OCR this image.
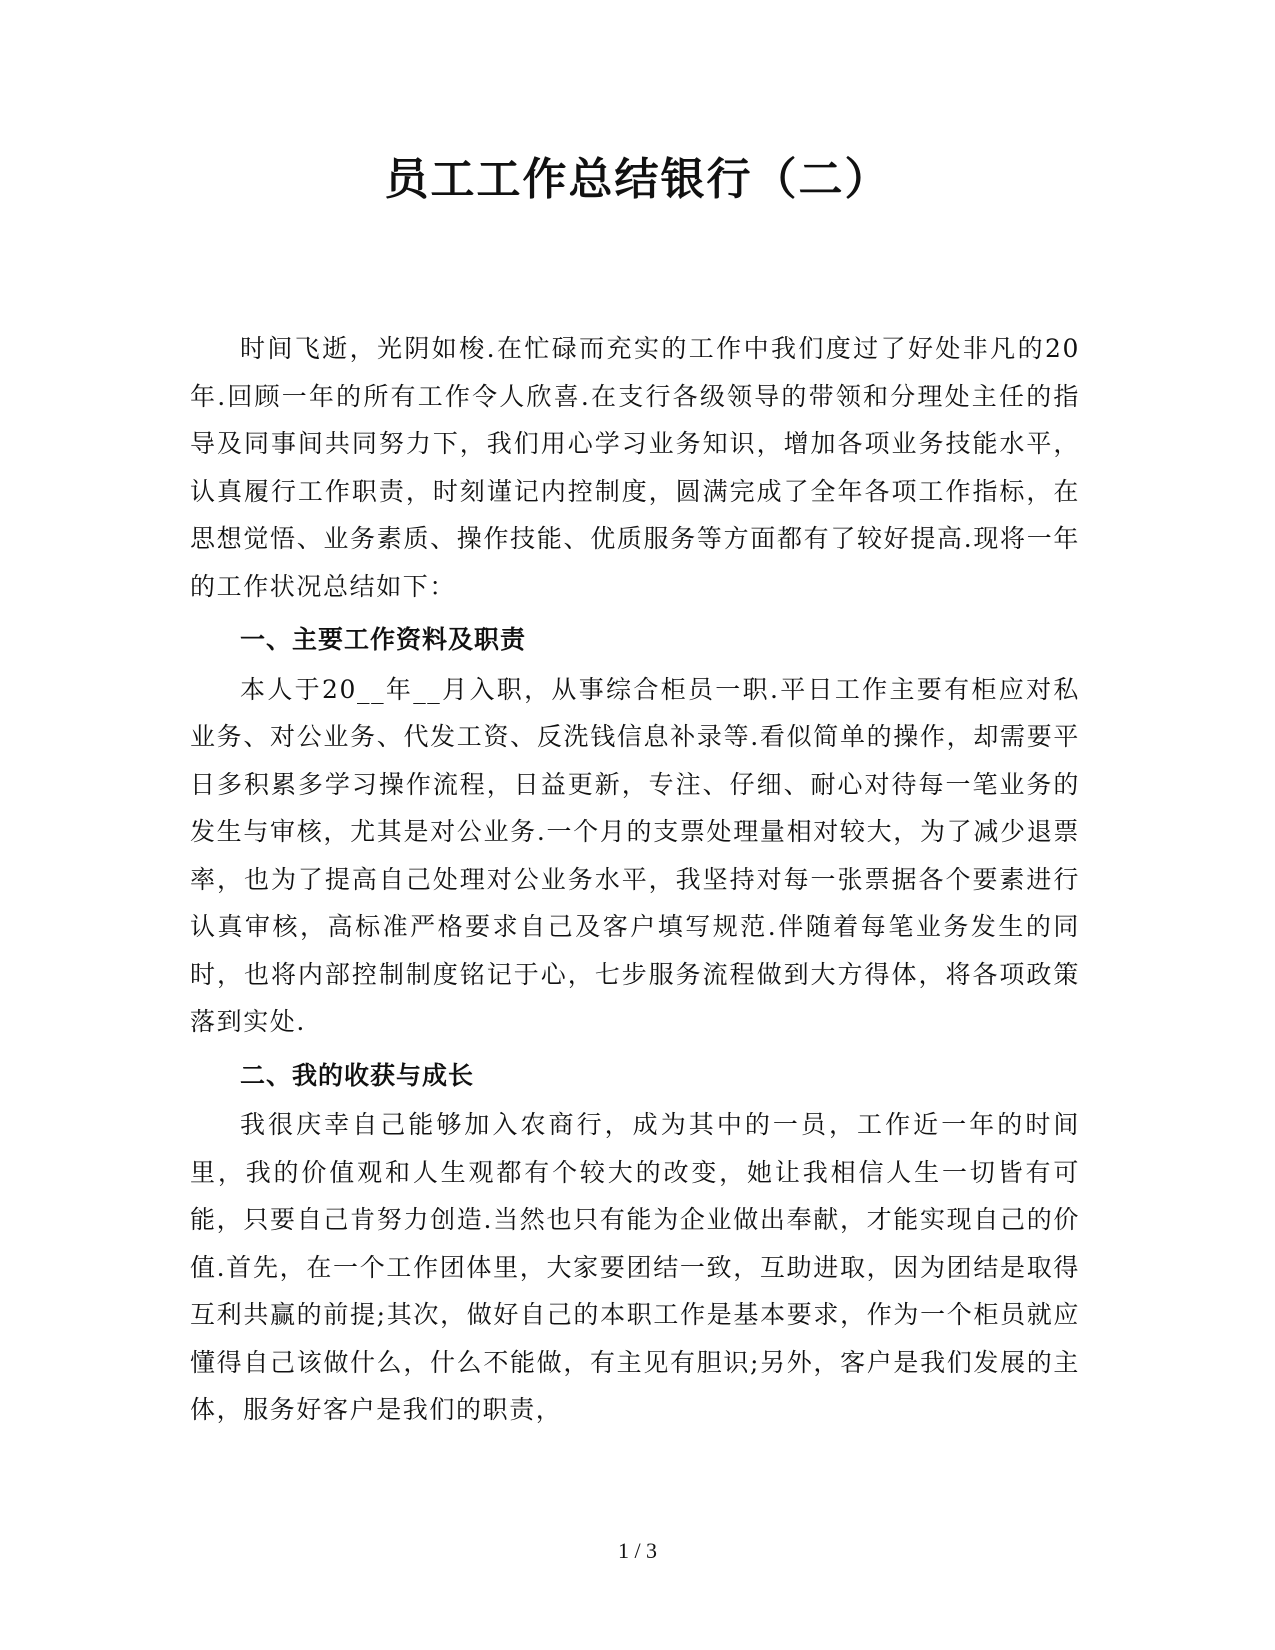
员工工作总结银行（二）

时间飞逝，光阴如梭.在忙碌而充实的工作中我们度过了好处非凡的20年.回顾一年的所有工作令人欣喜.在支行各级领导的带领和分理处主任的指导及同事间共同努力下，我们用心学习业务知识，增加各项业务技能水平，认真履行工作职责，时刻谨记内控制度，圆满完成了全年各项工作指标，在思想觉悟、业务素质、操作技能、优质服务等方面都有了较好提高.现将一年的工作状况总结如下：

一、主要工作资料及职责

本人于20__年__月入职，从事综合柜员一职.平日工作主要有柜应对私业务、对公业务、代发工资、反洗钱信息补录等.看似简单的操作，却需要平日多积累多学习操作流程，日益更新，专注、仔细、耐心对待每一笔业务的发生与审核，尤其是对公业务.一个月的支票处理量相对较大，为了减少退票率，也为了提高自己处理对公业务水平，我坚持对每一张票据各个要素进行认真审核，高标准严格要求自己及客户填写规范.伴随着每笔业务发生的同时，也将内部控制制度铭记于心，七步服务流程做到大方得体，将各项政策落到实处.

二、我的收获与成长

我很庆幸自己能够加入农商行，成为其中的一员，工作近一年的时间里，我的价值观和人生观都有个较大的改变，她让我相信人生一切皆有可能，只要自己肯努力创造.当然也只有能为企业做出奉献，才能实现自己的价值.首先，在一个工作团体里，大家要团结一致，互助进取，因为团结是取得互利共赢的前提;其次，做好自己的本职工作是基本要求，作为一个柜员就应懂得自己该做什么，什么不能做，有主见有胆识;另外，客户是我们发展的主体，服务好客户是我们的职责，

1 / 3
